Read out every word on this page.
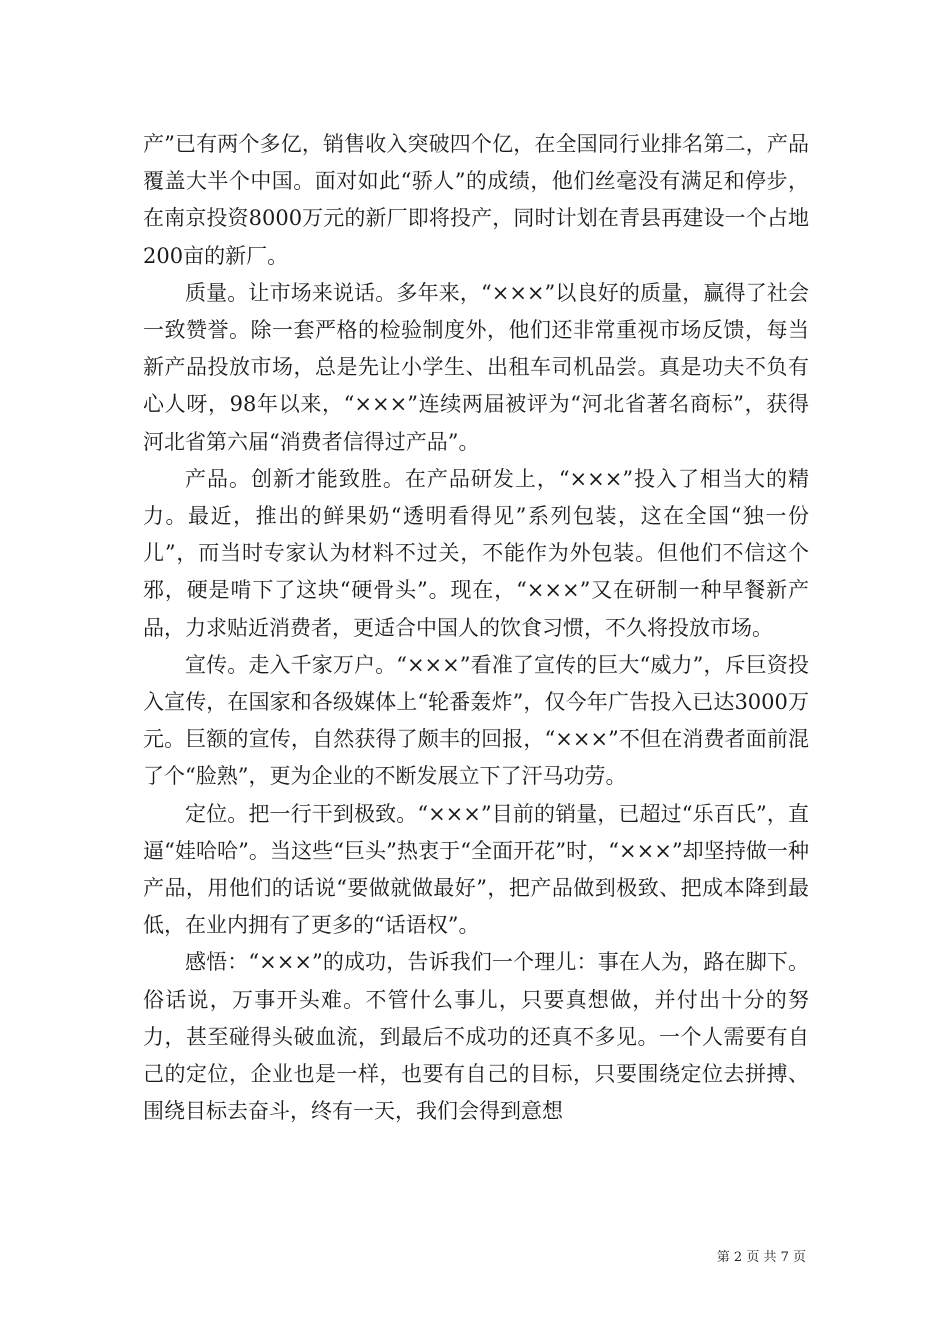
产”已有两个多亿，销售收入突破四个亿，在全国同行业排名第二，产品覆盖大半个中国。面对如此“骄人”的成绩，他们丝毫没有满足和停步，在南京投资8000万元的新厂即将投产，同时计划在青县再建设一个占地200亩的新厂。

质量。让市场来说话。多年来，“×××”以良好的质量，赢得了社会一致赞誉。除一套严格的检验制度外，他们还非常重视市场反馈，每当新产品投放市场，总是先让小学生、出租车司机品尝。真是功夫不负有心人呀，98年以来，“×××”连续两届被评为“河北省著名商标”，获得河北省第六届“消费者信得过产品”。

产品。创新才能致胜。在产品研发上，“×××”投入了相当大的精力。最近，推出的鲜果奶“透明看得见”系列包装，这在全国“独一份儿”，而当时专家认为材料不过关，不能作为外包装。但他们不信这个邪，硬是啃下了这块“硬骨头”。现在，“×××”又在研制一种早餐新产品，力求贴近消费者，更适合中国人的饮食习惯，不久将投放市场。

宣传。走入千家万户。“×××”看准了宣传的巨大“威力”，斥巨资投入宣传，在国家和各级媒体上“轮番轰炸”，仅今年广告投入已达3000万元。巨额的宣传，自然获得了颇丰的回报，“×××”不但在消费者面前混了个“脸熟”，更为企业的不断发展立下了汗马功劳。

定位。把一行干到极致。“×××”目前的销量，已超过“乐百氏”，直逼“娃哈哈”。当这些“巨头”热衷于“全面开花”时，“×××”却坚持做一种产品，用他们的话说“要做就做最好”，把产品做到极致、把成本降到最低，在业内拥有了更多的“话语权”。

感悟：“×××”的成功，告诉我们一个理儿：事在人为，路在脚下。俗话说，万事开头难。不管什么事儿，只要真想做，并付出十分的努力，甚至碰得头破血流，到最后不成功的还真不多见。一个人需要有自己的定位，企业也是一样，也要有自己的目标，只要围绕定位去拼搏、围绕目标去奋斗，终有一天，我们会得到意想

第 2 页 共 7 页
